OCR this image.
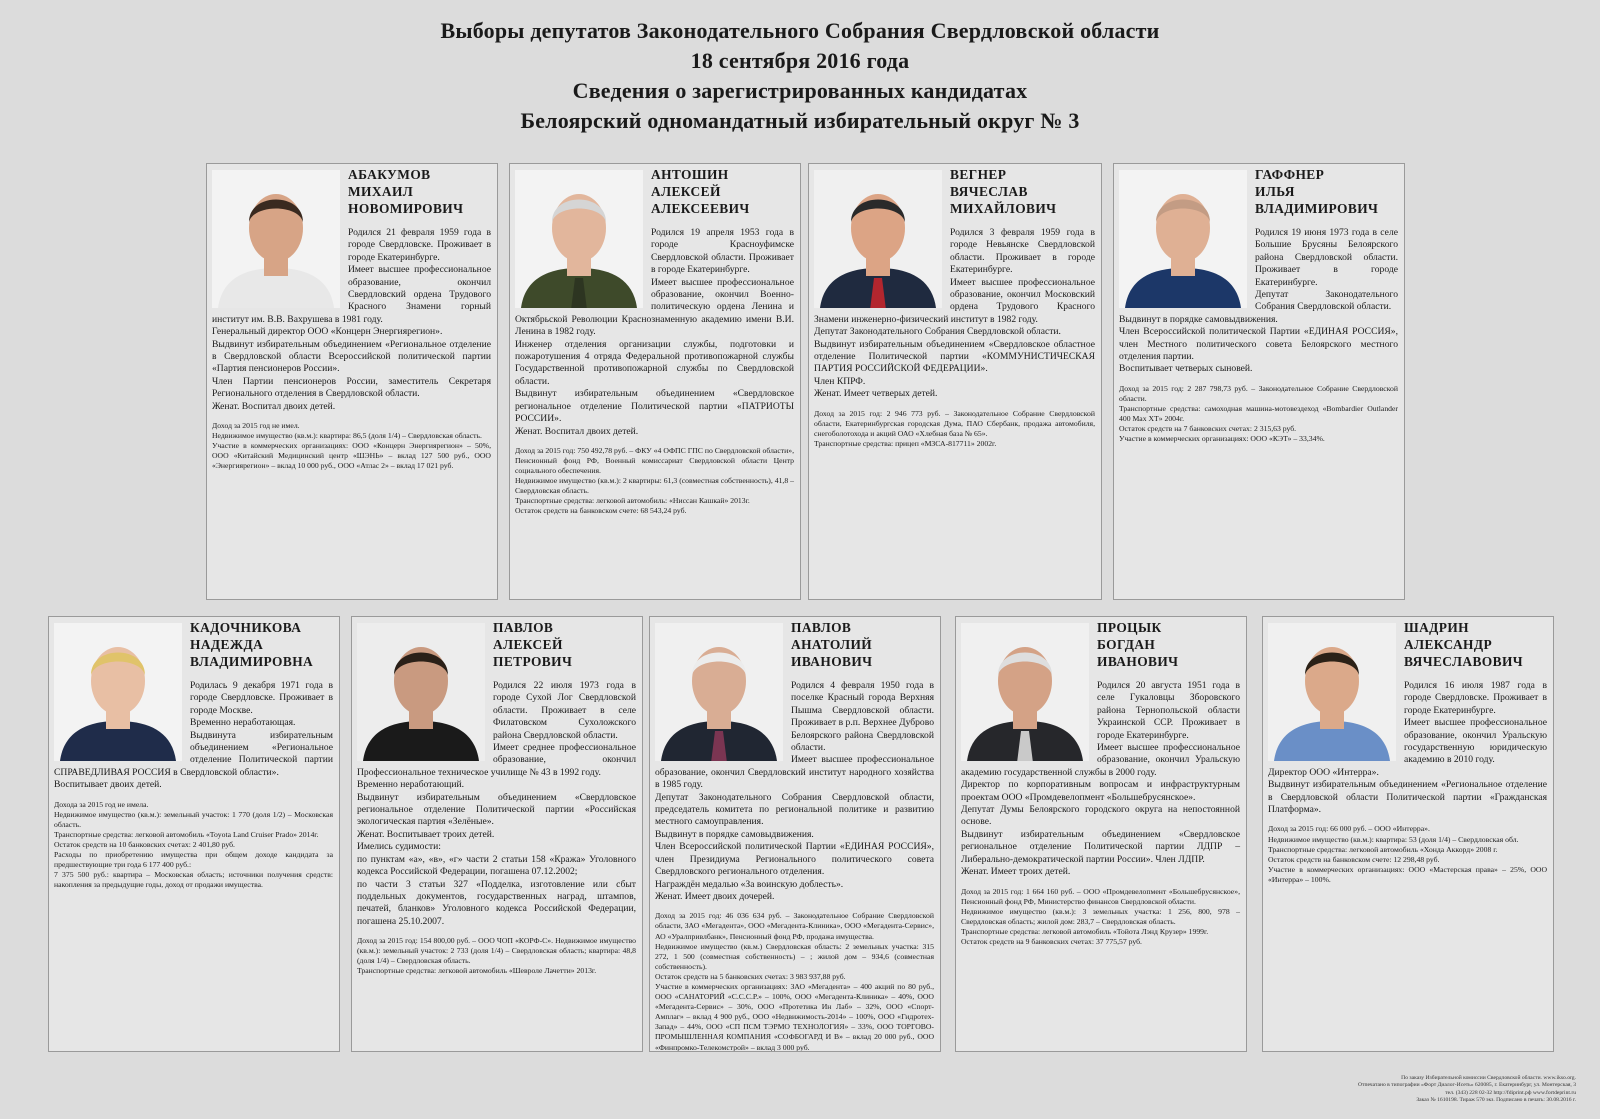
Выборы депутатов Законодательного Собрания Свердловской области
18 сентября 2016 года
Сведения о зарегистрированных кандидатах
Белоярский одномандатный избирательный округ № 3
АБАКУМОВ
МИХАИЛ
НОВОМИРОВИЧ

Родился 21 февраля 1959 года в городе Свердловске. Проживает в городе Екатеринбурге.

Имеет высшее профессиональное образование, окончил Свердловский ордена Трудового Красного Знамени горный институт им. В.В. Вахрушева в 1981 году.

Генеральный директор ООО «Концерн Энергиярегион».

Выдвинут избирательным объединением «Региональное отделение в Свердловской области Всероссийской политической партии «Партия пенсионеров России».

Член Партии пенсионеров России, заместитель Секретаря Регионального отделения в Свердловской области.

Женат. Воспитал двоих детей.

Доход за 2015 год не имел.

Недвижимое имущество (кв.м.): квартира: 86,5 (доля 1/4) – Свердловская область.

Участие в коммерческих организациях: ООО «Концерн Энергиярегион» – 50%, ООО «Китайский Медицинский центр «ШЭНЬ» – вклад 127 500 руб., ООО «Энергиярегион» – вклад 10 000 руб., ООО «Атлас 2» – вклад 17 021 руб.

АНТОШИН
АЛЕКСЕЙ
АЛЕКСЕЕВИЧ

Родился 19 апреля 1953 года в городе Красноуфимске Свердловской области. Проживает в городе Екатеринбурге.

Имеет высшее профессиональное образование, окончил Военно-политическую ордена Ленина и Октябрьской Революции Краснознаменную академию имени В.И. Ленина в 1982 году.

Инженер отделения организации службы, подготовки и пожаротушения 4 отряда Федеральной противопожарной службы Государственной противопожарной службы по Свердловской области.

Выдвинут избирательным объединением «Свердловское региональное отделение Политической партии «ПАТРИОТЫ РОССИИ».

Женат. Воспитал двоих детей.

Доход за 2015 год: 750 492,78 руб. – ФКУ «4 ОФПС ГПС по Свердловской области», Пенсионный фонд РФ, Военный комиссариат Свердловской области Центр социального обеспечения.

Недвижимое имущество (кв.м.): 2 квартиры: 61,3 (совместная собственность), 41,8 – Свердловская область.

Транспортные средства: легковой автомобиль: «Ниссан Кашкай» 2013г.

Остаток средств на банковском счете: 68 543,24 руб.

ВЕГНЕР
ВЯЧЕСЛАВ
МИХАЙЛОВИЧ

Родился 3 февраля 1959 года в городе Невьянске Свердловской области. Проживает в городе Екатеринбурге.

Имеет высшее профессиональное образование, окончил Московский ордена Трудового Красного Знамени инженерно-физический институт в 1982 году.

Депутат Законодательного Собрания Свердловской области.

Выдвинут избирательным объединением «Свердловское областное отделение Политической партии «КОММУНИСТИЧЕСКАЯ ПАРТИЯ РОССИЙСКОЙ ФЕДЕРАЦИИ».

Член КПРФ.

Женат. Имеет четверых детей.

Доход за 2015 год: 2 946 773 руб. – Законодательное Собрание Свердловской области, Екатеринбургская городская Дума, ПАО Сбербанк, продажа автомобиля, снегоболотохода и акций ОАО «Хлебная база № 65».

Транспортные средства: прицеп «МЗСА-817711» 2002г.

ГАФФНЕР
ИЛЬЯ
ВЛАДИМИРОВИЧ

Родился 19 июня 1973 года в селе Большие Брусяны Белоярского района Свердловской области. Проживает в городе Екатеринбурге.

Депутат Законодательного Собрания Свердловской области.

Выдвинут в порядке самовыдвижения.

Член Всероссийской политической Партии «ЕДИНАЯ РОССИЯ», член Местного политического совета Белоярского местного отделения партии.

Воспитывает четверых сыновей.

Доход за 2015 год: 2 287 798,73 руб. – Законодательное Собрание Свердловской области.

Транспортные средства: самоходная машина-мотовездеход «Bombardier Outlander 400 Max XT» 2004г.

Остаток средств на 7 банковских счетах: 2 315,63 руб.

Участие в коммерческих организациях: ООО «КЭТ» – 33,34%.

КАДОЧНИКОВА
НАДЕЖДА
ВЛАДИМИРОВНА

Родилась 9 декабря 1971 года в городе Свердловске. Проживает в городе Москве.

Временно неработающая.

Выдвинута избирательным объединением «Региональное отделение Политической партии СПРАВЕДЛИВАЯ РОССИЯ в Свердловской области».

Воспитывает двоих детей.

Дохода за 2015 год не имела.

Недвижимое имущество (кв.м.): земельный участок: 1 770 (доля 1/2) – Московская область.

Транспортные средства: легковой автомобиль «Toyota Land Cruiser Prado» 2014г.

Остаток средств на 10 банковских счетах: 2 401,80 руб.

Расходы по приобретению имущества при общем доходе кандидата за предшествующие три года 6 177 400 руб.:

7 375 500 руб.: квартира – Московская область; источники получения средств: накопления за предыдущие годы, доход от продажи имущества.

ПАВЛОВ
АЛЕКСЕЙ
ПЕТРОВИЧ

Родился 22 июля 1973 года в городе Сухой Лог Свердловской области. Проживает в селе Филатовском Сухоложского района Свердловской области.

Имеет среднее профессиональное образование, окончил Профессиональное техническое училище № 43 в 1992 году.

Временно неработающий.

Выдвинут избирательным объединением «Свердловское региональное отделение Политической партии «Российская экологическая партия «Зелёные».

Женат. Воспитывает троих детей.

Имелись судимости:

по пунктам «а», «в», «г» части 2 статьи 158 «Кража» Уголовного кодекса Российской Федерации, погашена 07.12.2002;

по части 3 статьи 327 «Подделка, изготовление или сбыт поддельных документов, государственных наград, штампов, печатей, бланков» Уголовного кодекса Российской Федерации, погашена 25.10.2007.

Доход за 2015 год: 154 800,00 руб. – ООО ЧОП «КОРФ-С». Недвижимое имущество (кв.м.): земельный участок: 2 733 (доля 1/4) – Свердловская область; квартира: 48,8 (доля 1/4) – Свердловская область.

Транспортные средства: легковой автомобиль «Шевроле Лачетти» 2013г.

ПАВЛОВ
АНАТОЛИЙ
ИВАНОВИЧ

Родился 4 февраля 1950 года в поселке Красный города Верхняя Пышма Свердловской области. Проживает в р.п. Верхнее Дуброво Белоярского района Свердловской области.

Имеет высшее профессиональное образование, окончил Свердловский институт народного хозяйства в 1985 году.

Депутат Законодательного Собрания Свердловской области, председатель комитета по региональной политике и развитию местного самоуправления.

Выдвинут в порядке самовыдвижения.

Член Всероссийской политической Партии «ЕДИНАЯ РОССИЯ», член Президиума Регионального политического совета Свердловского регионального отделения.

Награждён медалью «За воинскую доблесть».

Женат. Имеет двоих дочерей.

Доход за 2015 год: 46 036 634 руб. – Законодательное Собрание Свердловской области, ЗАО «Мегадента», ООО «Мегадента-Клиника», ООО «Мегадента-Сервис», АО «Уралпривлбанк», Пенсионный фонд РФ, продажа имущества.

Недвижимое имущество (кв.м.) Свердловская область: 2 земельных участка: 315 272, 1 500 (совместная собственность) – ; жилой дом – 934,6 (совместная собственность).

Остаток средств на 5 банковских счетах: 3 983 937,88 руб.

Участие в коммерческих организациях: ЗАО «Мегадента» – 400 акций по 80 руб., ООО «САНАТОРИЙ «С.С.С.Р.» – 100%, ООО «Мегадента-Клиника» – 40%, ООО «Мегадента-Сервис» – 30%, ООО «Протетика Ин Лаб» – 32%, ООО «Спорт-Амплаг» – вклад 4 900 руб., ООО «Недвижимость-2014» – 100%, ООО «Гидротех-Запад» – 44%, ООО «СП ПСМ ТЭРМО ТЕХНОЛОГИЯ» – 33%, ООО ТОРГОВО-ПРОМЫШЛЕННАЯ КОМПАНИЯ «СОФБОГАРД И В» – вклад 20 000 руб., ООО «Финпромко-Телекомстрой» – вклад 3 000 руб.

ПРОЦЫК
БОГДАН
ИВАНОВИЧ

Родился 20 августа 1951 года в селе Гукаловцы Зборовского района Тернопольской области Украинской ССР. Проживает в городе Екатеринбурге.

Имеет высшее профессиональное образование, окончил Уральскую академию государственной службы в 2000 году.

Директор по корпоративным вопросам и инфраструктурным проектам ООО «Промдевелопмент «Большебрусянское».

Депутат Думы Белоярского городского округа на непостоянной основе.

Выдвинут избирательным объединением «Свердловское региональное отделение Политической партии ЛДПР – Либерально-демократической партии России». Член ЛДПР.

Женат. Имеет троих детей.

Доход за 2015 год: 1 664 160 руб. – ООО «Промдевелопмент «Большебрусянское», Пенсионный фонд РФ, Министерство финансов Свердловской области.

Недвижимое имущество (кв.м.): 3 земельных участка: 1 256, 800, 978 – Свердловская область; жилой дом: 283,7 – Свердловская область.

Транспортные средства: легковой автомобиль «Тойота Лэнд Крузер» 1999г.

Остаток средств на 9 банковских счетах: 37 775,57 руб.

ШАДРИН
АЛЕКСАНДР
ВЯЧЕСЛАВОВИЧ

Родился 16 июля 1987 года в городе Свердловске. Проживает в городе Екатеринбурге.

Имеет высшее профессиональное образование, окончил Уральскую государственную юридическую академию в 2010 году.

Директор ООО «Интерра».

Выдвинут избирательным объединением «Региональное отделение в Свердловской области Политической партии «Гражданская Платформа».

Доход за 2015 год: 66 000 руб. – ООО «Интерра».

Недвижимое имущество (кв.м.): квартира: 53 (доля 1/4) – Свердловская обл.

Транспортные средства: легковой автомобиль «Хонда Аккорд» 2008 г.

Остаток средств на банковском счете: 12 298,48 руб.

Участие в коммерческих организациях: ООО «Мастерская права» – 25%, ООО «Интерра» – 100%.

По заказу Избирательной комиссии Свердловской области. www.ikso.org.

Отпечатано в типографии «Форт Диалог-Исеть» 620085, г. Екатеринбург, ул. Монтерская, 3

тел. (343) 228 02-32 http://fdiprint.рф www.fortdeprint.ru

Заказ № 1610198. Тираж 570 экз. Подписано в печать: 30.08.2016 г.
